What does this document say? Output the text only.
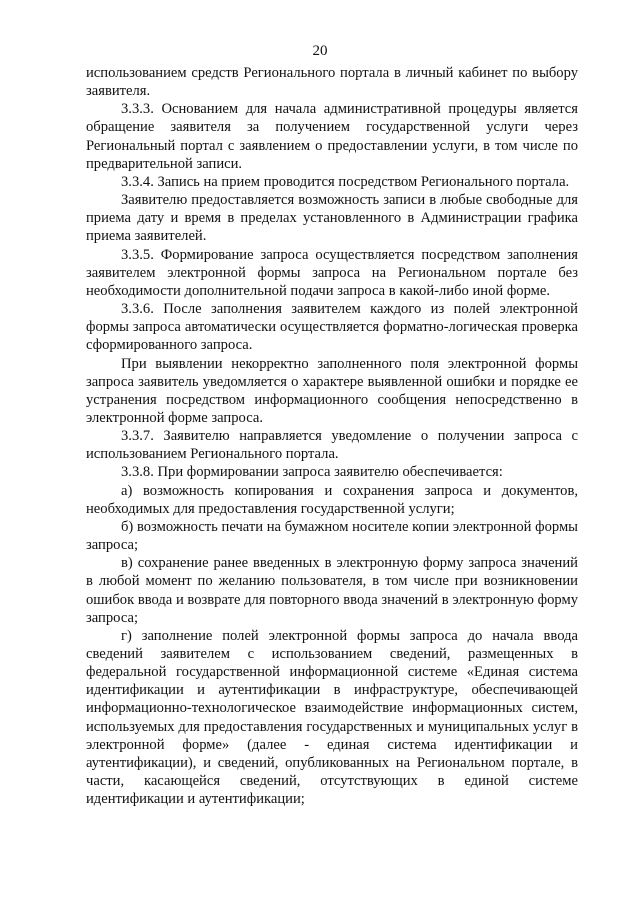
20

использованием средств Регионального портала в личный кабинет по выбору заявителя.

3.3.3. Основанием для начала административной процедуры является обращение заявителя за получением государственной услуги через Региональный портал с заявлением о предоставлении услуги, в том числе по предварительной записи.

3.3.4. Запись на прием проводится посредством Регионального портала.

Заявителю предоставляется возможность записи в любые свободные для приема дату и время в пределах установленного в Администрации графика приема заявителей.

3.3.5. Формирование запроса осуществляется посредством заполнения заявителем электронной формы запроса на Региональном портале без необходимости дополнительной подачи запроса в какой-либо иной форме.

3.3.6. После заполнения заявителем каждого из полей электронной формы запроса автоматически осуществляется форматно-логическая проверка сформированного запроса.

При выявлении некорректно заполненного поля электронной формы запроса заявитель уведомляется о характере выявленной ошибки и порядке ее устранения посредством информационного сообщения непосредственно в электронной форме запроса.

3.3.7. Заявителю направляется уведомление о получении запроса с использованием Регионального портала.

3.3.8. При формировании запроса заявителю обеспечивается:

а) возможность копирования и сохранения запроса и документов, необходимых для предоставления государственной услуги;

б) возможность печати на бумажном носителе копии электронной формы запроса;

в) сохранение ранее введенных в электронную форму запроса значений в любой момент по желанию пользователя, в том числе при возникновении ошибок ввода и возврате для повторного ввода значений в электронную форму запроса;

г) заполнение полей электронной формы запроса до начала ввода сведений заявителем с использованием сведений, размещенных в федеральной государственной информационной системе «Единая система идентификации и аутентификации в инфраструктуре, обеспечивающей информационно-технологическое взаимодействие информационных систем, используемых для предоставления государственных и муниципальных услуг в электронной форме» (далее - единая система идентификации и аутентификации), и сведений, опубликованных на Региональном портале, в части, касающейся сведений, отсутствующих в единой системе идентификации и аутентификации;
